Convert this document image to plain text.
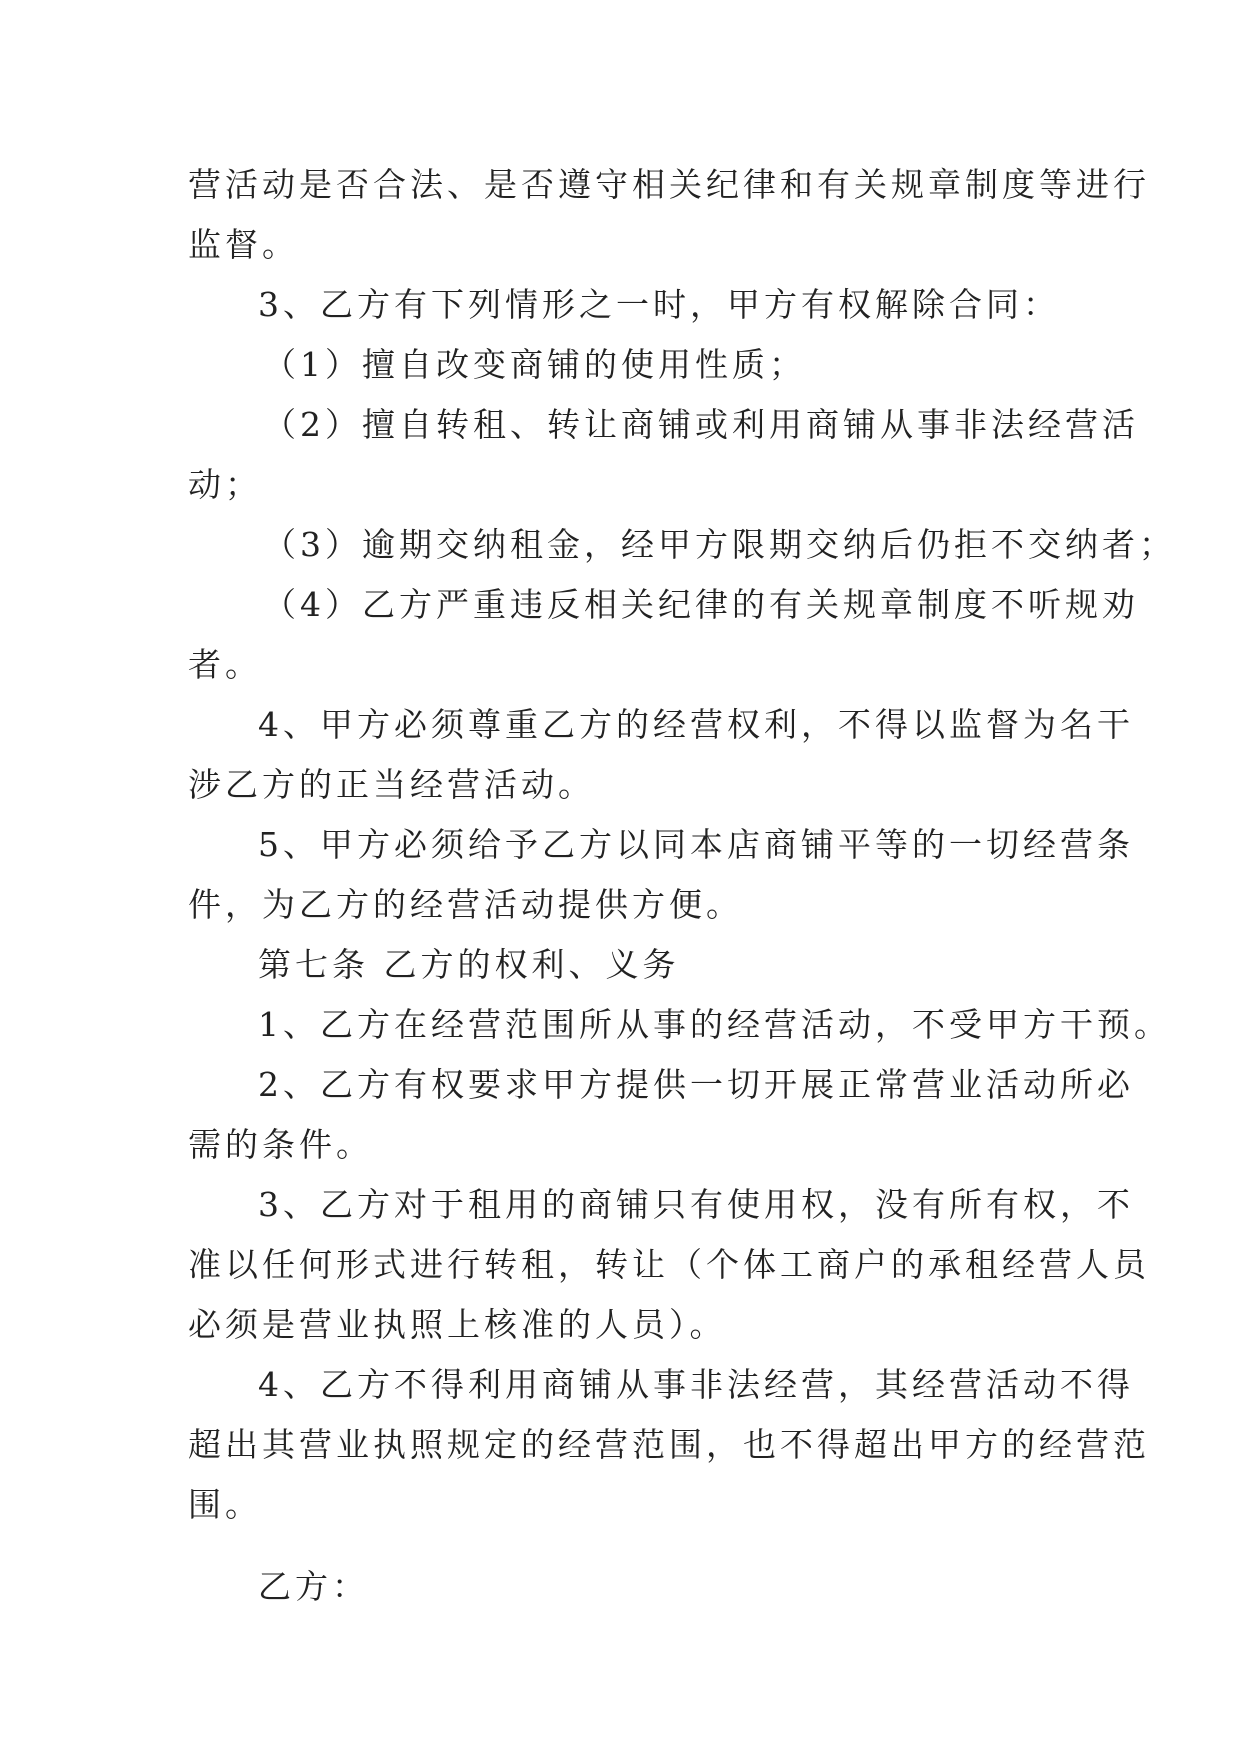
营活动是否合法、是否遵守相关纪律和有关规章制度等进行
监督。
3、乙方有下列情形之一时，甲方有权解除合同：
（1）擅自改变商铺的使用性质；
（2）擅自转租、转让商铺或利用商铺从事非法经营活
动；
（3）逾期交纳租金，经甲方限期交纳后仍拒不交纳者；
（4）乙方严重违反相关纪律的有关规章制度不听规劝
者。
4、甲方必须尊重乙方的经营权利，不得以监督为名干
涉乙方的正当经营活动。
5、甲方必须给予乙方以同本店商铺平等的一切经营条
件，为乙方的经营活动提供方便。
第七条 乙方的权利、义务
1、乙方在经营范围所从事的经营活动，不受甲方干预。
2、乙方有权要求甲方提供一切开展正常营业活动所必
需的条件。
3、乙方对于租用的商铺只有使用权，没有所有权，不
准以任何形式进行转租，转让（个体工商户的承租经营人员
必须是营业执照上核准的人员）。
4、乙方不得利用商铺从事非法经营，其经营活动不得
超出其营业执照规定的经营范围，也不得超出甲方的经营范
围。
乙方：
